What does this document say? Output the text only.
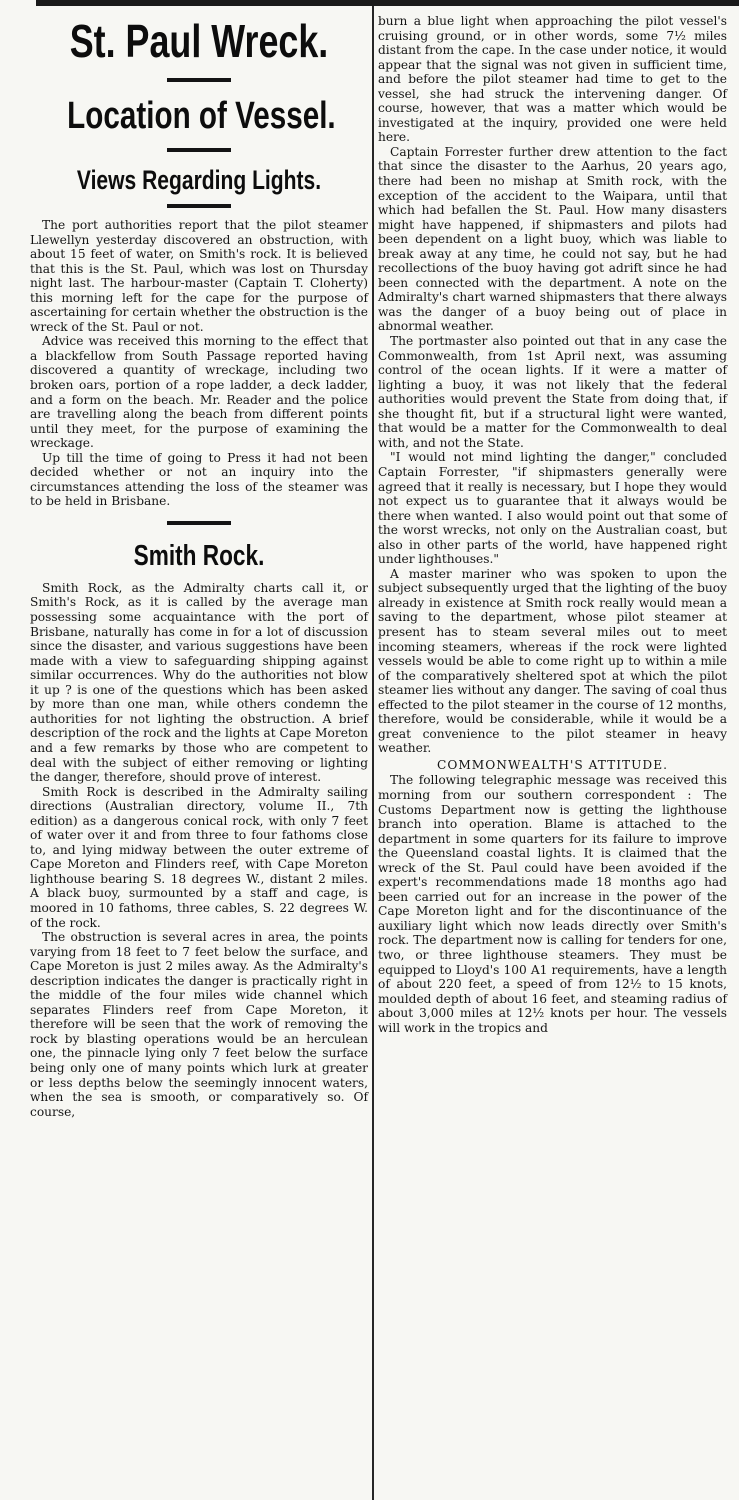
St. Paul Wreck.
Location of Vessel.
Views Regarding Lights.

The port authorities report that the pilot steamer Llewellyn yesterday discovered an obstruction, with about 15 feet of water, on Smith's rock. It is believed that this is the St. Paul, which was lost on Thursday night last. The harbour-master (Captain T. Cloherty) this morning left for the cape for the purpose of ascertaining for certain whether the obstruction is the wreck of the St. Paul or not.

Advice was received this morning to the effect that a blackfellow from South Passage reported having discovered a quantity of wreckage, including two broken oars, portion of a rope ladder, a deck ladder, and a form on the beach. Mr. Reader and the police are travelling along the beach from different points until they meet, for the purpose of examining the wreckage.

Up till the time of going to Press it had not been decided whether or not an inquiry into the circumstances attending the loss of the steamer was to be held in Brisbane.

Smith Rock.

Smith Rock, as the Admiralty charts call it, or Smith's Rock, as it is called by the average man possessing some acquaintance with the port of Brisbane, naturally has come in for a lot of discussion since the disaster, and various suggestions have been made with a view to safeguarding shipping against similar occurrences. Why do the authorities not blow it up ? is one of the questions which has been asked by more than one man, while others condemn the authorities for not lighting the obstruction. A brief description of the rock and the lights at Cape Moreton and a few remarks by those who are competent to deal with the subject of either removing or lighting the danger, therefore, should prove of interest.

Smith Rock is described in the Admiralty sailing directions (Australian directory, volume II., 7th edition) as a dangerous conical rock, with only 7 feet of water over it and from three to four fathoms close to, and lying midway between the outer extreme of Cape Moreton and Flinders reef, with Cape Moreton lighthouse bearing S. 18 degrees W., distant 2 miles. A black buoy, surmounted by a staff and cage, is moored in 10 fathoms, three cables, S. 22 degrees W. of the rock.

The obstruction is several acres in area, the points varying from 18 feet to 7 feet below the surface, and Cape Moreton is just 2 miles away. As the Admiralty's description indicates the danger is practically right in the middle of the four miles wide channel which separates Flinders reef from Cape Moreton, it therefore will be seen that the work of removing the rock by blasting operations would be an herculean one, the pinnacle lying only 7 feet below the surface being only one of many points which lurk at greater or less depths below the seemingly innocent waters, when the sea is smooth, or comparatively so. Of course,

burn a blue light when approaching the pilot vessel's cruising ground, or in other words, some 7½ miles distant from the cape. In the case under notice, it would appear that the signal was not given in sufficient time, and before the pilot steamer had time to get to the vessel, she had struck the intervening danger. Of course, however, that was a matter which would be investigated at the inquiry, provided one were held here.

Captain Forrester further drew attention to the fact that since the disaster to the Aarhus, 20 years ago, there had been no mishap at Smith rock, with the exception of the accident to the Waipara, until that which had befallen the St. Paul. How many disasters might have happened, if shipmasters and pilots had been dependent on a light buoy, which was liable to break away at any time, he could not say, but he had recollections of the buoy having got adrift since he had been connected with the department. A note on the Admiralty's chart warned shipmasters that there always was the danger of a buoy being out of place in abnormal weather.

The portmaster also pointed out that in any case the Commonwealth, from 1st April next, was assuming control of the ocean lights. If it were a matter of lighting a buoy, it was not likely that the federal authorities would prevent the State from doing that, if she thought fit, but if a structural light were wanted, that would be a matter for the Commonwealth to deal with, and not the State.

"I would not mind lighting the danger," concluded Captain Forrester, "if shipmasters generally were agreed that it really is necessary, but I hope they would not expect us to guarantee that it always would be there when wanted. I also would point out that some of the worst wrecks, not only on the Australian coast, but also in other parts of the world, have happened right under lighthouses."

A master mariner who was spoken to upon the subject subsequently urged that the lighting of the buoy already in existence at Smith rock really would mean a saving to the department, whose pilot steamer at present has to steam several miles out to meet incoming steamers, whereas if the rock were lighted vessels would be able to come right up to within a mile of the comparatively sheltered spot at which the pilot steamer lies without any danger. The saving of coal thus effected to the pilot steamer in the course of 12 months, therefore, would be considerable, while it would be a great convenience to the pilot steamer in heavy weather.

COMMONWEALTH'S ATTITUDE.

The following telegraphic message was received this morning from our southern correspondent : The Customs Department now is getting the lighthouse branch into operation. Blame is attached to the department in some quarters for its failure to improve the Queensland coastal lights. It is claimed that the wreck of the St. Paul could have been avoided if the expert's recommendations made 18 months ago had been carried out for an increase in the power of the Cape Moreton light and for the discontinuance of the auxiliary light which now leads directly over Smith's rock. The department now is calling for tenders for one, two, or three lighthouse steamers. They must be equipped to Lloyd's 100 A1 requirements, have a length of about 220 feet, a speed of from 12½ to 15 knots, moulded depth of about 16 feet, and steaming radius of about 3,000 miles at 12½ knots per hour. The vessels will work in the tropics and
